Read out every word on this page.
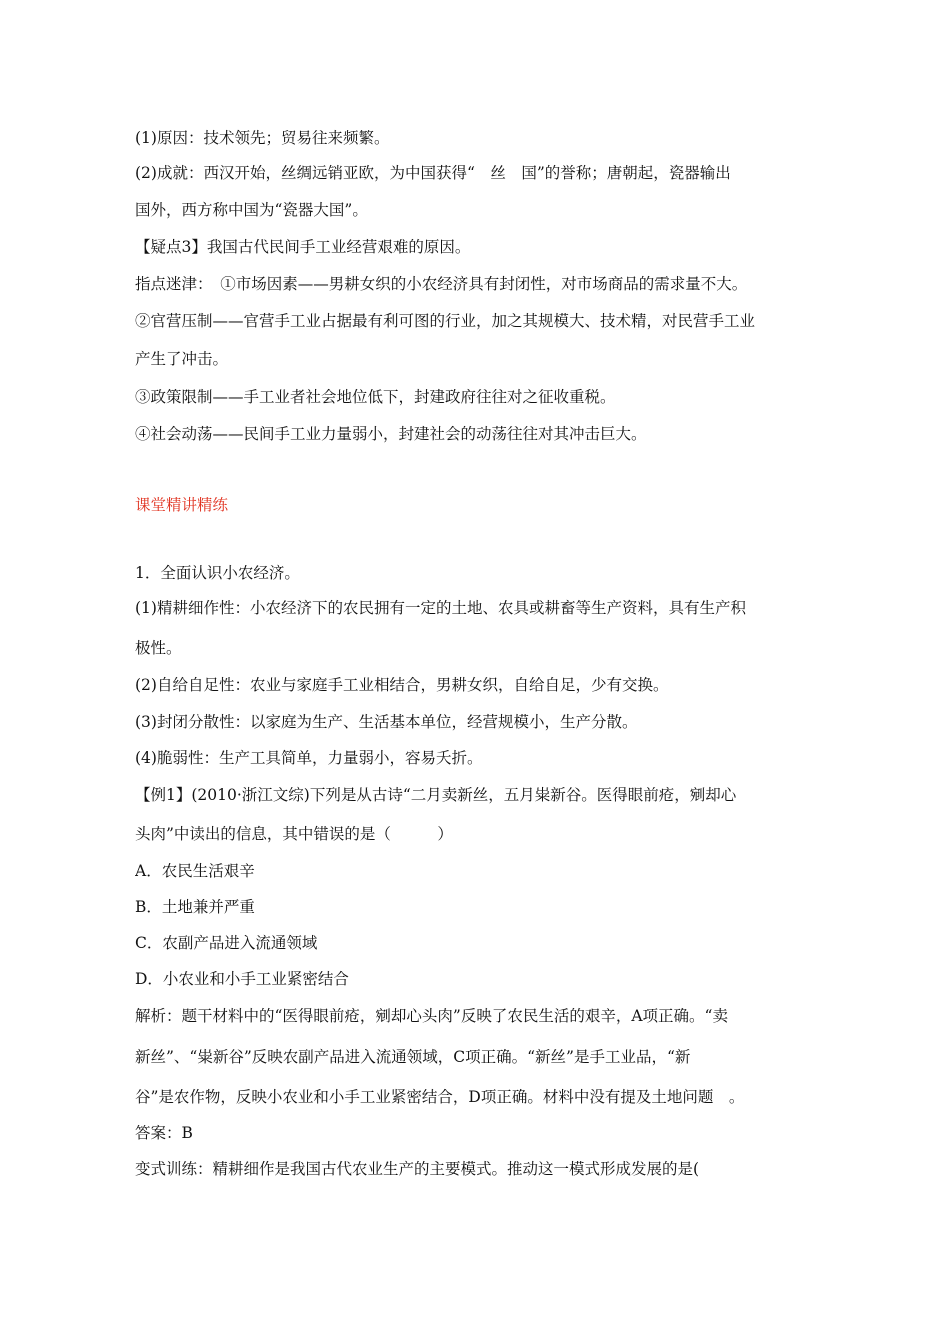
(1)原因：技术领先；贸易往来频繁。

(2)成就：西汉开始，丝绸远销亚欧，为中国获得“　丝　国”的誉称；唐朝起，瓷器输出

国外，西方称中国为“瓷器大国”。

【疑点3】我国古代民间手工业经营艰难的原因。

指点迷津：　①市场因素——男耕女织的小农经济具有封闭性，对市场商品的需求量不大。

②官营压制——官营手工业占据最有利可图的行业，加之其规模大、技术精，对民营手工业

产生了冲击。

③政策限制——手工业者社会地位低下，封建政府往往对之征收重税。

④社会动荡——民间手工业力量弱小，封建社会的动荡往往对其冲击巨大。

课堂精讲精练

1．全面认识小农经济。

(1)精耕细作性：小农经济下的农民拥有一定的土地、农具或耕畜等生产资料，具有生产积

极性。

(2)自给自足性：农业与家庭手工业相结合，男耕女织，自给自足，少有交换。

(3)封闭分散性：以家庭为生产、生活基本单位，经营规模小，生产分散。

(4)脆弱性：生产工具简单，力量弱小，容易夭折。

【例1】(2010·浙江文综)下列是从古诗“二月卖新丝，五月粜新谷。医得眼前疮，剜却心

头肉”中读出的信息，其中错误的是（　　　）

A．农民生活艰辛

B．土地兼并严重

C．农副产品进入流通领域

D．小农业和小手工业紧密结合

解析：题干材料中的“医得眼前疮，剜却心头肉”反映了农民生活的艰辛，A项正确。“卖

新丝”、“粜新谷”反映农副产品进入流通领域，C项正确。“新丝”是手工业品，“新

谷”是农作物，反映小农业和小手工业紧密结合，D项正确。材料中没有提及土地问题　。

答案：B

变式训练：精耕细作是我国古代农业生产的主要模式。推动这一模式形成发展的是(
